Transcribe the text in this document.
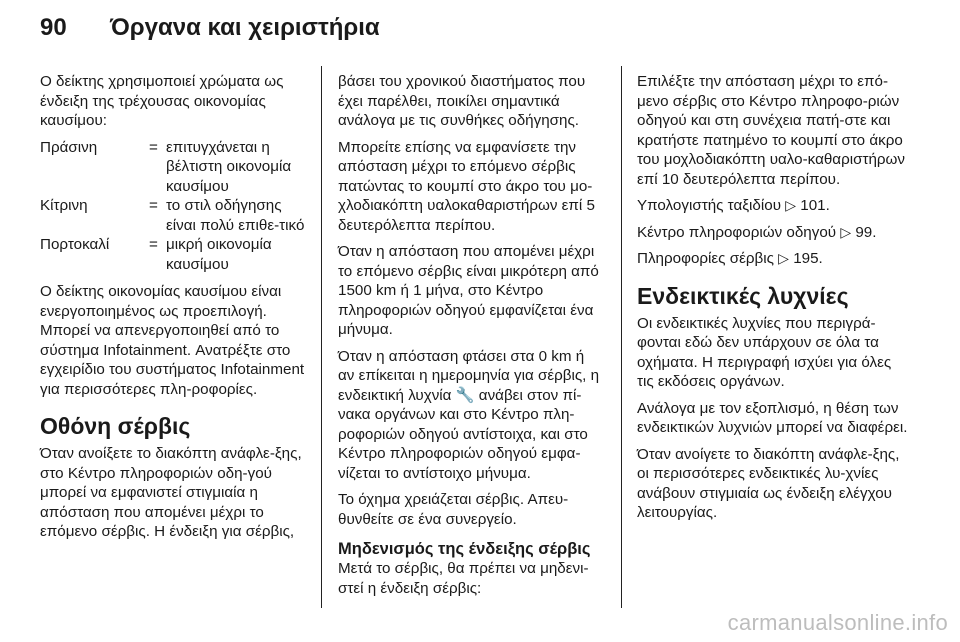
90 Όργανα και χειριστήρια

Ο δείκτης χρησιμοποιεί χρώματα ως ένδειξη της τρέχουσας οικονομίας καυσίμου:

Πράσινη	= επιτυγχάνεται η βέλτιστη οικονομία καυσίμου
Κίτρινη	= το στιλ οδήγησης είναι πολύ επιθε-τικό
Πορτοκαλί	= μικρή οικονομία καυσίμου

Ο δείκτης οικονομίας καυσίμου είναι ενεργοποιημένος ως προεπιλογή. Μπορεί να απενεργοποιηθεί από το σύστημα Infotainment. Ανατρέξτε στο εγχειρίδιο του συστήματος Infotainment για περισσότερες πλη-ροφορίες.

Οθόνη σέρβις

Όταν ανοίξετε το διακόπτη ανάφλε-ξης, στο Κέντρο πληροφοριών οδη-γού μπορεί να εμφανιστεί στιγμιαία η απόσταση που απομένει μέχρι το επόμενο σέρβις. Η ένδειξη για σέρβις,

βάσει του χρονικού διαστήματος που έχει παρέλθει, ποικίλει σημαντικά ανάλογα με τις συνθήκες οδήγησης.

Μπορείτε επίσης να εμφανίσετε την απόσταση μέχρι το επόμενο σέρβις πατώντας το κουμπί στο άκρο του μο-χλοδιακόπτη υαλοκαθαριστήρων επί 5 δευτερόλεπτα περίπου.

Όταν η απόσταση που απομένει μέχρι το επόμενο σέρβις είναι μικρότερη από 1500 km ή 1 μήνα, στο Κέντρο πληροφοριών οδηγού εμφανίζεται ένα μήνυμα.

Όταν η απόσταση φτάσει στα 0 km ή αν επίκειται η ημερομηνία για σέρβις, η ενδεικτική λυχνία 🔧 ανάβει στον πί-νακα οργάνων και στο Κέντρο πλη-ροφοριών οδηγού αντίστοιχα, και στο Κέντρο πληροφοριών οδηγού εμφα-νίζεται το αντίστοιχο μήνυμα.

Το όχημα χρειάζεται σέρβις. Απευ-θυνθείτε σε ένα συνεργείο.

Μηδενισμός της ένδειξης σέρβις

Μετά το σέρβις, θα πρέπει να μηδενι-στεί η ένδειξη σέρβις:

Επιλέξτε την απόσταση μέχρι το επό-μενο σέρβις στο Κέντρο πληροφο-ριών οδηγού και στη συνέχεια πατή-στε και κρατήστε πατημένο το κουμπί στο άκρο του μοχλοδιακόπτη υαλο-καθαριστήρων επί 10 δευτερόλεπτα περίπου.

Υπολογιστής ταξιδίου ▷ 101.

Κέντρο πληροφοριών οδηγού ▷ 99.

Πληροφορίες σέρβις ▷ 195.

Ενδεικτικές λυχνίες

Οι ενδεικτικές λυχνίες που περιγρά-φονται εδώ δεν υπάρχουν σε όλα τα οχήματα. Η περιγραφή ισχύει για όλες τις εκδόσεις οργάνων.

Ανάλογα με τον εξοπλισμό, η θέση των ενδεικτικών λυχνιών μπορεί να διαφέρει.

Όταν ανοίγετε το διακόπτη ανάφλε-ξης, οι περισσότερες ενδεικτικές λυ-χνίες ανάβουν στιγμιαία ως ένδειξη ελέγχου λειτουργίας.

carmanualsonline.info
